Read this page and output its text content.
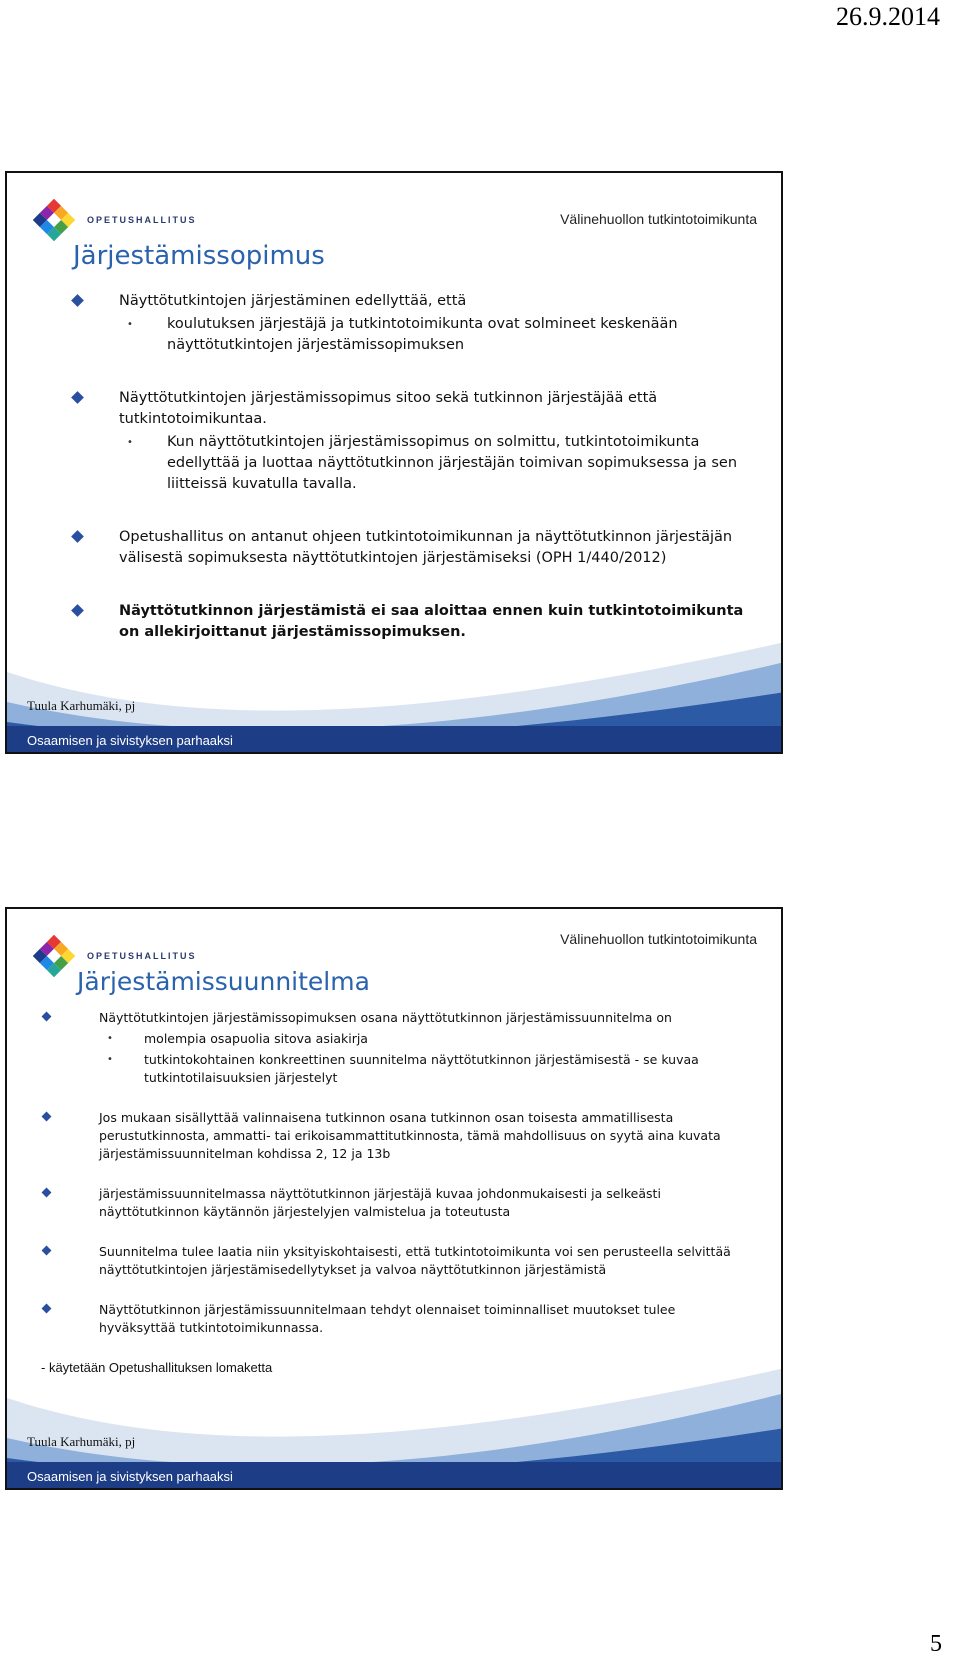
26.9.2014
OPETUSHALLITUS	Välinehuollon tutkintotoimikunta
Järjestämissopimus
Näyttötutkintojen järjestäminen edellyttää, että
• koulutuksen järjestäjä ja tutkintotoimikunta ovat solmineet keskenään näyttötutkintojen järjestämissopimuksen
Näyttötutkintojen järjestämissopimus sitoo sekä tutkinnon järjestäjää että tutkintotoimikuntaa.
• Kun näyttötutkintojen järjestämissopimus on solmittu, tutkintotoimikunta edellyttää ja luottaa näyttötutkinnon järjestäjän toimivan sopimuksessa ja sen liitteissä kuvatulla tavalla.
Opetushallitus on antanut ohjeen tutkintotoimikunnan ja näyttötutkinnon järjestäjän välisestä sopimuksesta näyttötutkintojen järjestämiseksi (OPH 1/440/2012)
Näyttötutkinnon järjestämistä ei saa aloittaa ennen kuin tutkintotoimikunta on allekirjoittanut järjestämissopimuksen.
Tuula Karhumäki, pj
Osaamisen ja sivistyksen parhaaksi
OPETUSHALLITUS
Välinehuollon tutkintotoimikunta
Järjestämissuunnitelma
Näyttötutkintojen järjestämissopimuksen osana näyttötutkinnon järjestämissuunnitelma on
• molempia osapuolia sitova asiakirja
• tutkintokohtainen konkreettinen suunnitelma näyttötutkinnon järjestämisestä - se kuvaa tutkintotilaisuuksien järjestelyt
Jos mukaan sisällyttää valinnaisena tutkinnon osana tutkinnon osan toisesta ammatillisesta perustutkinnosta, ammatti- tai erikoisammattitutkinnosta, tämä mahdollisuus on syytä aina kuvata järjestämissuunnitelman kohdissa 2, 12 ja 13b
järjestämissuunnitelmassa näyttötutkinnon järjestäjä kuvaa johdonmukaisesti ja selkeästi näyttötutkinnon käytännön järjestelyjen valmistelua ja toteutusta
Suunnitelma tulee laatia niin yksityiskohtaisesti, että tutkintotoimikunta voi sen perusteella selvittää näyttötutkintojen järjestämisedellytykset ja valvoa näyttötutkinnon järjestämistä
Näyttötutkinnon järjestämissuunnitelmaan tehdyt olennaiset toiminnalliset muutokset tulee hyväksyttää tutkintotoimikunnassa.
- käytetään Opetushallituksen lomaketta
Tuula Karhumäki, pj
Osaamisen ja sivistyksen parhaaksi
5
